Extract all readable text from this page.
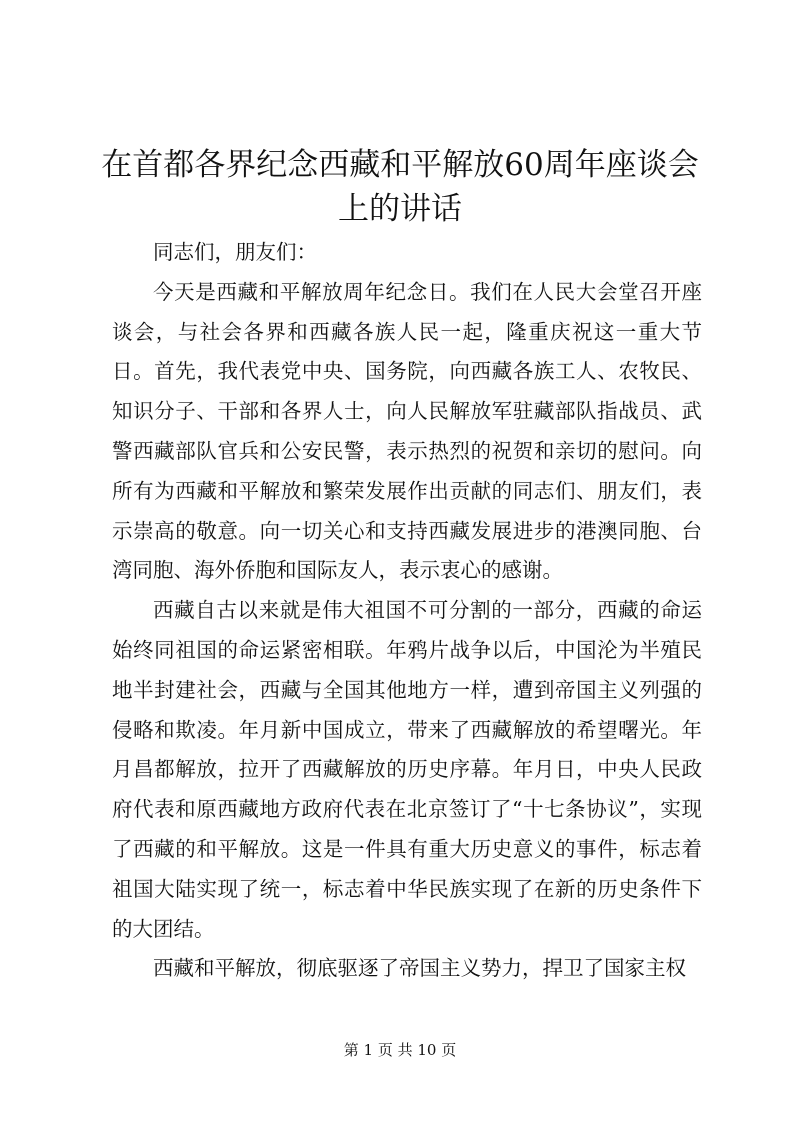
在首都各界纪念西藏和平解放60周年座谈会
上的讲话

同志们，朋友们：

今天是西藏和平解放周年纪念日。我们在人民大会堂召开座谈会，与社会各界和西藏各族人民一起，隆重庆祝这一重大节日。首先，我代表党中央、国务院，向西藏各族工人、农牧民、知识分子、干部和各界人士，向人民解放军驻藏部队指战员、武警西藏部队官兵和公安民警，表示热烈的祝贺和亲切的慰问。向所有为西藏和平解放和繁荣发展作出贡献的同志们、朋友们，表示崇高的敬意。向一切关心和支持西藏发展进步的港澳同胞、台湾同胞、海外侨胞和国际友人，表示衷心的感谢。

西藏自古以来就是伟大祖国不可分割的一部分，西藏的命运始终同祖国的命运紧密相联。年鸦片战争以后，中国沦为半殖民地半封建社会，西藏与全国其他地方一样，遭到帝国主义列强的侵略和欺凌。年月新中国成立，带来了西藏解放的希望曙光。年月昌都解放，拉开了西藏解放的历史序幕。年月日，中央人民政府代表和原西藏地方政府代表在北京签订了“十七条协议”，实现了西藏的和平解放。这是一件具有重大历史意义的事件，标志着祖国大陆实现了统一，标志着中华民族实现了在新的历史条件下的大团结。

西藏和平解放，彻底驱逐了帝国主义势力，捍卫了国家主权

第 1 页 共 10 页
